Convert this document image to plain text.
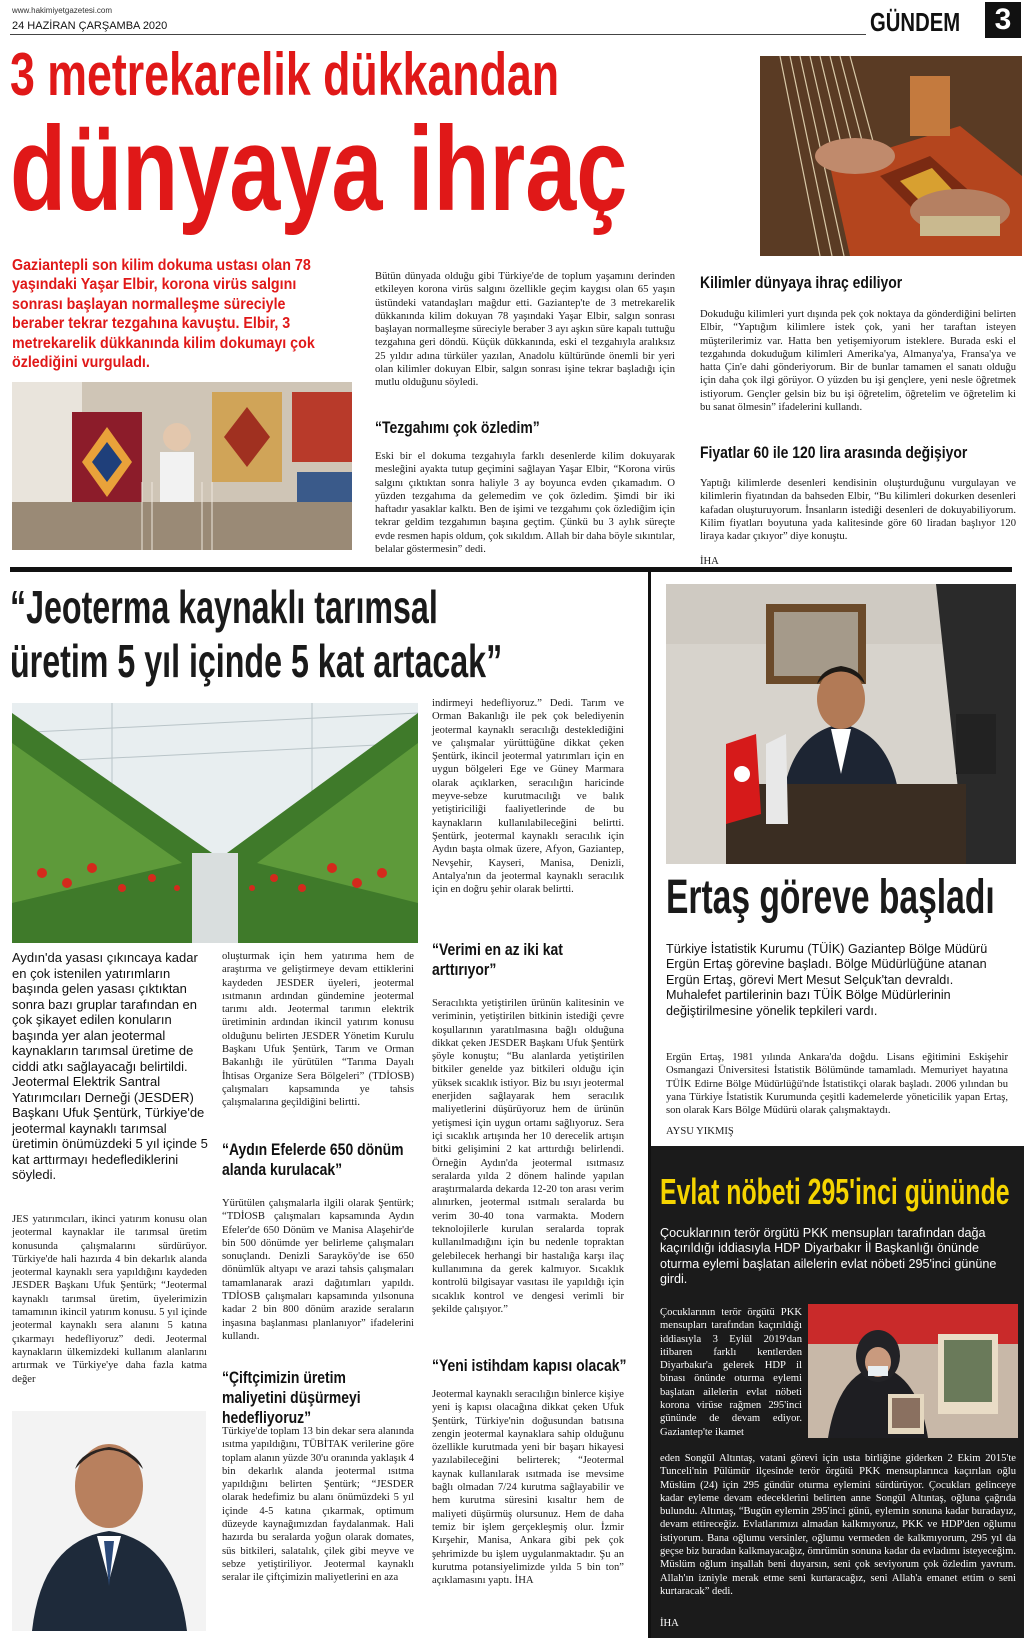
www.hakimiyetgazetesi.com
24 HAZİRAN ÇARŞAMBA 2020	GÜNDEM	3
3 metrekarelik dükkandan
dünyaya ihraç
Gaziantepli son kilim dokuma ustası olan 78 yaşındaki Yaşar Elbir, korona virüs salgını sonrası başlayan normalleşme süreciyle beraber tekrar tezgahına kavuştu. Elbir, 3 metrekarelik dükkanında kilim dokumayı çok özlediğini vurguladı.
Bütün dünyada olduğu gibi Türkiye'de de toplum yaşamını derinden etkileyen korona virüs salgını özellikle geçim kaygısı olan 65 yaşın üstündeki vatandaşları mağdur etti. Gaziantep'te de 3 metrekarelik dükkanında kilim dokuyan 78 yaşındaki Yaşar Elbir, salgın sonrası başlayan normalleşme süreciyle beraber 3 ayı aşkın süre kapalı tuttuğu tezgahına geri döndü. Küçük dükkanında, eski el tezgahıyla aralıksız 25 yıldır adına türküler yazılan, Anadolu kültüründe önemli bir yeri olan kilimler dokuyan Elbir, salgın sonrası işine tekrar başladığı için mutlu olduğunu söyledi.
“Tezgahımı çok özledim”
Eski bir el dokuma tezgahıyla farklı desenlerde kilim dokuyarak mesleğini ayakta tutup geçimini sağlayan Yaşar Elbir, “Korona virüs salgını çıktıktan sonra haliyle 3 ay boyunca evden çıkamadım. O yüzden tezgahıma da gelemedim ve çok özledim. Şimdi bir iki haftadır yasaklar kalktı. Ben de işimi ve tezgahımı çok özlediğim için tekrar geldim tezgahımın başına geçtim. Çünkü bu 3 aylık süreçte evde resmen hapis oldum, çok sıkıldım. Allah bir daha böyle sıkıntılar, belalar göstermesin” dedi.
Kilimler dünyaya ihraç ediliyor
Dokuduğu kilimleri yurt dışında pek çok noktaya da gönderdiğini belirten Elbir, “Yaptığım kilimlere istek çok, yani her taraftan isteyen müşterilerimiz var. Hatta ben yetişemiyorum isteklere. Burada eski el tezgahında dokuduğum kilimleri Amerika'ya, Almanya'ya, Fransa'ya ve hatta Çin'e dahi gönderiyorum. Bir de bunlar tamamen el sanatı olduğu için daha çok ilgi görüyor. O yüzden bu işi gençlere, yeni nesle öğretmek istiyorum. Gençler gelsin biz bu işi öğretelim, öğretelim ve öğretelim ki bu sanat ölmesin” ifadelerini kullandı.
Fiyatlar 60 ile 120 lira arasında değişiyor
Yaptığı kilimlerde desenleri kendisinin oluşturduğunu vurgulayan ve kilimlerin fiyatından da bahseden Elbir, “Bu kilimleri dokurken desenleri kafadan oluşturuyorum. İnsanların istediği desenleri de dokuyabiliyorum. Kilim fiyatları boyutuna yada kalitesinde göre 60 liradan başlıyor 120 liraya kadar çıkıyor” diye konuştu.
İHA
“Jeoterma kaynaklı tarımsal
üretim 5 yıl içinde 5 kat artacak”
Aydın'da yasası çıkıncaya kadar en çok istenilen yatırımların başında gelen yasası çıktıktan sonra bazı gruplar tarafından en çok şikayet edilen konuların başında yer alan jeotermal kaynakların tarımsal üretime de ciddi atkı sağlayacağı belirtildi. Jeotermal Elektrik Santral Yatırımcıları Derneği (JESDER) Başkanı Ufuk Şentürk, Türkiye'de jeotermal kaynaklı tarımsal üretimin önümüzdeki 5 yıl içinde 5 kat arttırmayı hedeflediklerini söyledi.
JES yatırımcıları, ikinci yatırım konusu olan jeotermal kaynaklar ile tarımsal üretim konusunda çalışmalarını sürdürüyor. Türkiye'de hali hazırda 4 bin dekarlık alanda jeotermal kaynaklı sera yapıldığını kaydeden JESDER Başkanı Ufuk Şentürk; “Jeotermal kaynaklı tarımsal üretim, üyelerimizin tamamının ikincil yatırım konusu. 5 yıl içinde jeotermal kaynaklı sera alanını 5 katına çıkarmayı hedefliyoruz” dedi. Jeotermal kaynakların ülkemizdeki kullanım alanlarını artırmak ve Türkiye'ye daha fazla katma değer
oluşturmak için hem yatırıma hem de araştırma ve geliştirmeye devam ettiklerini kaydeden JESDER üyeleri, jeotermal ısıtmanın ardından gündemine jeotermal tarımı aldı. Jeotermal tarımın elektrik üretiminin ardından ikincil yatırım konusu olduğunu belirten JESDER Yönetim Kurulu Başkanı Ufuk Şentürk, Tarım ve Orman Bakanlığı ile yürütülen “Tarıma Dayalı İhtisas Organize Sera Bölgeleri” (TDİOSB) çalışmaları kapsamında ye tahsis çalışmalarına geçildiğini belirtti.
“Aydın Efelerde 650 dönüm alanda kurulacak”
Yürütülen çalışmalarla ilgili olarak Şentürk; “TDİOSB çalışmaları kapsamında Aydın Efeler'de 650 Dönüm ve Manisa Alaşehir'de bin 500 dönümde yer belirleme çalışmaları sonuçlandı. Denizli Sarayköy'de ise 650 dönümlük altyapı ve arazi tahsis çalışmaları tamamlanarak arazi dağıtımları yapıldı. TDİOSB çalışmaları kapsamında yılsonuna kadar 2 bin 800 dönüm arazide seraların inşasına başlanması planlanıyor” ifadelerini kullandı.
“Çiftçimizin üretim maliyetini düşürmeyi hedefliyoruz”
Türkiye'de toplam 13 bin dekar sera alanında ısıtma yapıldığını, TÜBİTAK verilerine göre toplam alanın yüzde 30'u oranında yaklaşık 4 bin dekarlık alanda jeotermal ısıtma yapıldığını belirten Şentürk; “JESDER olarak hedefimiz bu alanı önümüzdeki 5 yıl içinde 4-5 katına çıkarmak, optimum düzeyde kaynağımızdan faydalanmak. Hali hazırda bu seralarda yoğun olarak domates, süs bitkileri, salatalık, çilek gibi meyve ve sebze yetiştiriliyor. Jeotermal kaynaklı seralar ile çiftçimizin maliyetlerini en aza
indirmeyi hedefliyoruz.” Dedi. Tarım ve Orman Bakanlığı ile pek çok belediyenin jeotermal kaynaklı seracılığı desteklediğini ve çalışmalar yürüttüğüne dikkat çeken Şentürk, ikincil jeotermal yatırımları için en uygun bölgeleri Ege ve Güney Marmara olarak açıklarken, seracılığın haricinde meyve-sebze kurutmacılığı ve balık yetiştiriciliği faaliyetlerinde de bu kaynakların kullanılabileceğini belirtti. Şentürk, jeotermal kaynaklı seracılık için Aydın başta olmak üzere, Afyon, Gaziantep, Nevşehir, Kayseri, Manisa, Denizli, Antalya'nın da jeotermal kaynaklı seracılık için en doğru şehir olarak belirtti.
“Verimi en az iki kat arttırıyor”
Seracılıkta yetiştirilen ürünün kalitesinin ve veriminin, yetiştirilen bitkinin istediği çevre koşullarının yaratılmasına bağlı olduğuna dikkat çeken JESDER Başkanı Ufuk Şentürk şöyle konuştu; “Bu alanlarda yetiştirilen bitkiler genelde yaz bitkileri olduğu için yüksek sıcaklık istiyor. Biz bu ısıyı jeotermal enerjiden sağlayarak hem seracılık maliyetlerini düşürüyoruz hem de ürünün yetişmesi için uygun ortamı sağlıyoruz. Sera içi sıcaklık artışında her 10 derecelik artışın bitki gelişimini 2 kat arttırdığı belirlendi. Örneğin Aydın'da jeotermal ısıtmasız seralarda yılda 2 dönem halinde yapılan araştırmalarda dekarda 12-20 ton arası verim alınırken, jeotermal ısıtmalı seralarda bu verim 30-40 tona varmakta. Modern teknolojilerle kurulan seralarda toprak kullanılmadığını için bu nedenle topraktan gelebilecek herhangi bir hastalığa karşı ilaç kullanımına da gerek kalmıyor. Sıcaklık kontrolü bilgisayar vasıtası ile yapıldığı için sıcaklık kontrol ve dengesi verimli bir şekilde çalışıyor.”
“Yeni istihdam kapısı olacak”
Jeotermal kaynaklı seracılığın binlerce kişiye yeni iş kapısı olacağına dikkat çeken Ufuk Şentürk, Türkiye'nin doğusundan batısına zengin jeotermal kaynaklara sahip olduğunu özellikle kurutmada yeni bir başarı hikayesi yazılabileceğini belirterek; “Jeotermal kaynak kullanılarak ısıtmada ise mevsime bağlı olmadan 7/24 kurutma sağlayabilir ve hem kurutma süresini kısaltır hem de maliyeti düşürmüş olursunuz. Hem de daha temiz bir işlem gerçekleşmiş olur. İzmir Kırşehir, Manisa, Ankara gibi pek çok şehrimizde bu işlem uygulanmaktadır. Şu an kurutma potansiyelimizde yılda 5 bin ton” açıklamasını yaptı. İHA
Ertaş göreve başladı
Türkiye İstatistik Kurumu (TÜİK) Gaziantep Bölge Müdürü Ergün Ertaş görevine başladı. Bölge Müdürlüğüne atanan Ergün Ertaş, görevi Mert Mesut Selçuk'tan devraldı. Muhalefet partilerinin bazı TÜİK Bölge Müdürlerinin değiştirilmesine yönelik tepkileri vardı.
Ergün Ertaş, 1981 yılında Ankara'da doğdu. Lisans eğitimini Eskişehir Osmangazi Üniversitesi İstatistik Bölümünde tamamladı. Memuriyet hayatına TÜİK Edirne Bölge Müdürlüğü'nde İstatistikçi olarak başladı. 2006 yılından bu yana Türkiye İstatistik Kurumunda çeşitli kademelerde yöneticilik yapan Ertaş, son olarak Kars Bölge Müdürü olarak çalışmaktaydı.
AYSU YIKMIŞ
Evlat nöbeti 295'inci gününde
Çocuklarının terör örgütü PKK mensupları tarafından dağa kaçırıldığı iddiasıyla HDP Diyarbakır İl Başkanlığı önünde oturma eylemi başlatan ailelerin evlat nöbeti 295'inci gününe girdi.
Çocuklarının terör örgütü PKK mensupları tarafından kaçırıldığı iddiasıyla 3 Eylül 2019'dan itibaren farklı kentlerden Diyarbakır'a gelerek HDP il binası önünde oturma eylemi başlatan ailelerin evlat nöbeti korona virüse rağmen 295'inci gününde de devam ediyor. Gaziantep'te ikamet
eden Songül Altıntaş, vatani görevi için usta birliğine giderken 2 Ekim 2015'te Tunceli'nin Pülümür ilçesinde terör örgütü PKK mensuplarınca kaçırılan oğlu Müslüm (24) için 295 gündür oturma eylemini sürdürüyor. Çocukları gelinceye kadar eyleme devam edeceklerini belirten anne Songül Altıntaş, oğluna çağrıda bulundu. Altıntaş, “Bugün eylemin 295'inci günü, eylemin sonuna kadar buradayız, devam ettireceğiz. Evlatlarımızı almadan kalkmıyoruz, PKK ve HDP'den oğlumu istiyorum. Bana oğlumu versinler, oğlumu vermeden de kalkmıyorum, 295 yıl da geçse biz buradan kalkmayacağız, ömrümün sonuna kadar da evladımı isteyeceğim. Müslüm oğlum inşallah beni duyarsın, seni çok seviyorum çok özledim yavrum. Allah'ın izniyle merak etme seni kurtaracağız, seni Allah'a emanet ettim o seni kurtaracak” dedi.
İHA
